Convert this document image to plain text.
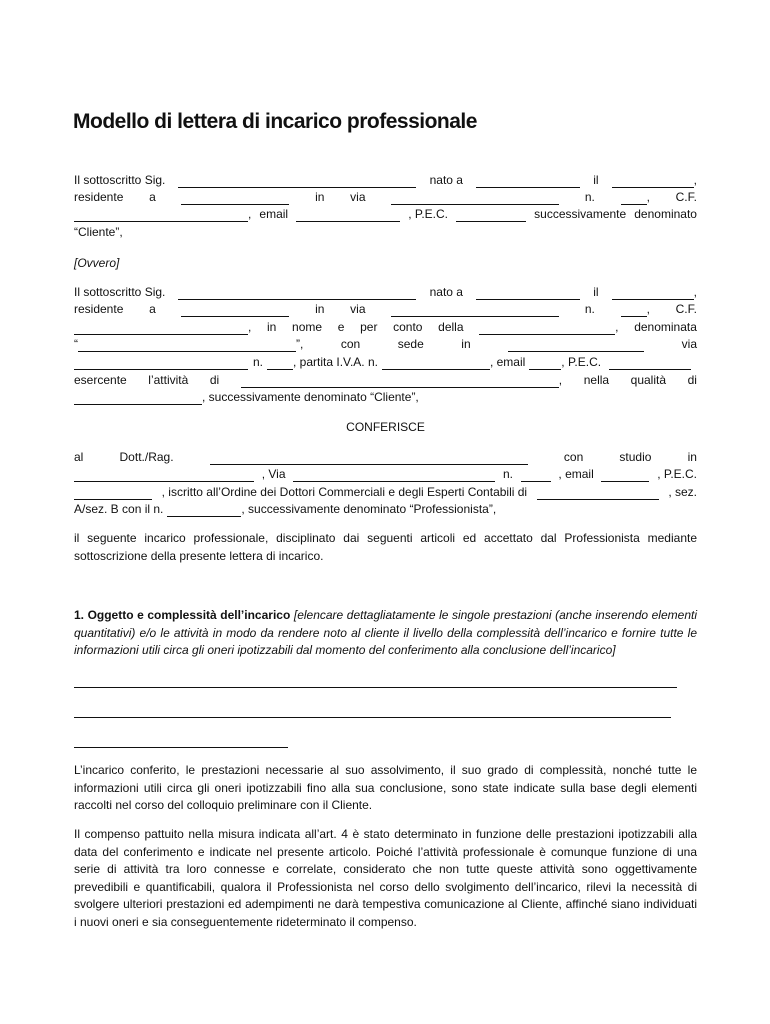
Modello di lettera di incarico professionale
Il sottoscritto Sig.	nato a	il	,
residente a	in via	n.	, C.F.
, email	, P.E.C.	successivamente denominato
“Cliente”,
[Ovvero]
Il sottoscritto Sig.	nato a	il	,
residente a	in via	n.	, C.F.
, in nome e per conto della	, denominata
“	”,	con	sede	in	via
n.	, partita I.V.A. n.	, email	, P.E.C.
esercente l’attività di	, nella qualità di
, successivamente denominato “Cliente”,
CONFERISCE
al	Dott./Rag.	con	studio	in
, Via	n.	, email	, P.E.C.
, iscritto all’Ordine dei Dottori Commerciali e degli Esperti Contabili di	, sez.
A/sez. B con il n.	, successivamente denominato “Professionista”,
il seguente incarico professionale, disciplinato dai seguenti articoli ed accettato dal Professionista mediante sottoscrizione della presente lettera di incarico.
1. Oggetto e complessità dell’incarico [elencare dettagliatamente le singole prestazioni (anche inserendo elementi quantitativi) e/o le attività in modo da rendere noto al cliente il livello della complessità dell’incarico e fornire tutte le informazioni utili circa gli oneri ipotizzabili dal momento del conferimento alla conclusione dell’incarico]
L’incarico conferito, le prestazioni necessarie al suo assolvimento, il suo grado di complessità, nonché tutte le informazioni utili circa gli oneri ipotizzabili fino alla sua conclusione, sono state indicate sulla base degli elementi raccolti nel corso del colloquio preliminare con il Cliente.
Il compenso pattuito nella misura indicata all’art. 4 è stato determinato in funzione delle prestazioni ipotizzabili alla data del conferimento e indicate nel presente articolo. Poiché l’attività professionale è comunque funzione di una serie di attività tra loro connesse e correlate, considerato che non tutte queste attività sono oggettivamente prevedibili e quantificabili, qualora il Professionista nel corso dello svolgimento dell’incarico, rilevi la necessità di svolgere ulteriori prestazioni ed adempimenti ne darà tempestiva comunicazione al Cliente, affinché siano individuati i nuovi oneri e sia conseguentemente rideterminato il compenso.
